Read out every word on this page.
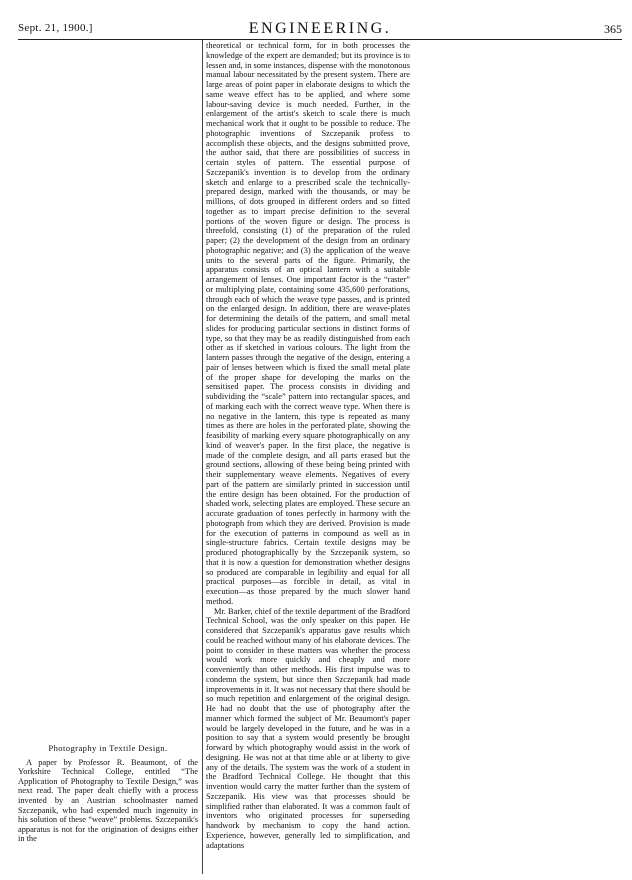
Sept. 21, 1900.]	ENGINEERING.	365
Photography in Textile Design.

A paper by Professor R. Beaumont, of the Yorkshire Technical College, entitled “The Application of Photography to Textile Design,” was next read. The paper dealt chiefly with a process invented by an Austrian schoolmaster named Szczepanik, who had expended much ingenuity in his solution of these “weave” problems. Szczepanik's apparatus is not for the origination of designs either in the

theoretical or technical form, for in both processes the knowledge of the expert are demanded; but its province is to lessen and, in some instances, dispense with the monotonous manual labour necessitated by the present system. There are large areas of point paper in elaborate designs to which the same weave effect has to be applied, and where some labour-saving device is much needed. Further, in the enlargement of the artist's sketch to scale there is much mechanical work that it ought to be possible to reduce. The photographic inventions of Szczepanik profess to accomplish these objects, and the designs submitted prove, the author said, that there are possibilities of success in certain styles of pattern. The essential purpose of Szczepanik's invention is to develop from the ordinary sketch and enlarge to a prescribed scale the technically-prepared design, marked with the thousands, or may be millions, of dots grouped in different orders and so fitted together as to impart precise definition to the several portions of the woven figure or design. The process is threefold, consisting (1) of the preparation of the ruled paper; (2) the development of the design from an ordinary photographic negative; and (3) the application of the weave units to the several parts of the figure. Primarily, the apparatus consists of an optical lantern with a suitable arrangement of lenses. One important factor is the “raster” or multiplying plate, containing some 435,600 perforations, through each of which the weave type passes, and is printed on the enlarged design. In addition, there are weave-plates for determining the details of the pattern, and small metal slides for producing particular sections in distinct forms of type, so that they may be as readily distinguished from each other as if sketched in various colours. The light from the lantern passes through the negative of the design, entering a pair of lenses between which is fixed the small metal plate of the proper shape for developing the marks on the sensitised paper. The process consists in dividing and subdividing the “scale” pattern into rectangular spaces, and of marking each with the correct weave type. When there is no negative in the lantern, this type is repeated as many times as there are holes in the perforated plate, showing the feasibility of marking every square photographically on any kind of weaver's paper. In the first place, the negative is made of the complete design, and all parts erased but the ground sections, allowing of these being being printed with their supplementary weave elements. Negatives of every part of the pattern are similarly printed in succession until the entire design has been obtained. For the production of shaded work, selecting plates are employed. These secure an accurate graduation of tones perfectly in harmony with the photograph from which they are derived. Provision is made for the execution of patterns in compound as well as in single-structure fabrics. Certain textile designs may be produced photographically by the Szczepanik system, so that it is now a question for demonstration whether designs so produced are comparable in legibility and equal for all practical purposes—as forcible in detail, as vital in execution—as those prepared by the much slower hand method.

Mr. Barker, chief of the textile department of the Bradford Technical School, was the only speaker on this paper. He considered that Szczepanik's apparatus gave results which could be reached without many of his elaborate devices. The point to consider in these matters was whether the process would work more quickly and cheaply and more conveniently than other methods. His first impulse was to condemn the system, but since then Szczepanik had made improvements in it. It was not necessary that there should be so much repetition and enlargement of the original design. He had no doubt that the use of photography after the manner which formed the subject of Mr. Beaumont's paper would be largely developed in the future, and he was in a position to say that a system would presently be brought forward by which photography would assist in the work of designing. He was not at that time able or at liberty to give any of the details. The system was the work of a student in the Bradford Technical College. He thought that this invention would carry the matter further than the system of Szczepanik. His view was that processes should be simplified rather than elaborated. It was a common fault of inventors who originated processes for superseding handwork by mechanism to copy the hand action. Experience, however, generally led to simplification, and adaptations
